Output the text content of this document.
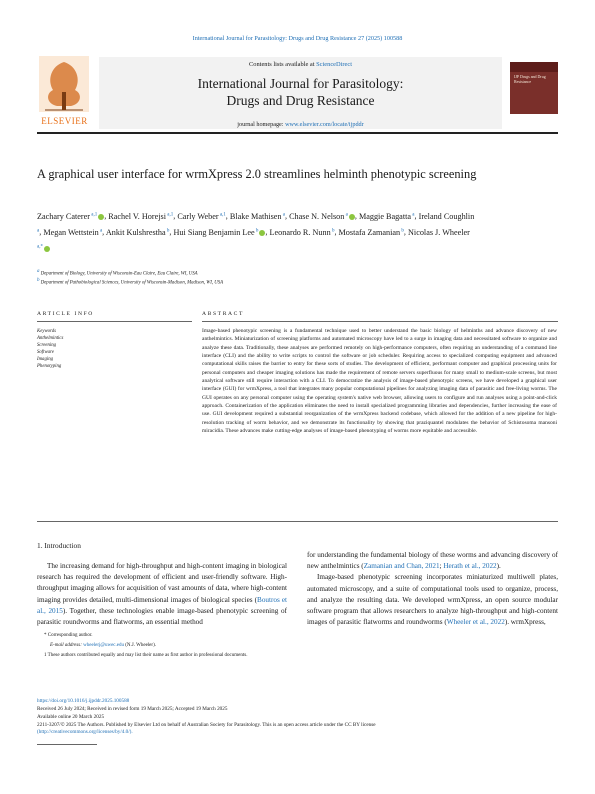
International Journal for Parasitology: Drugs and Drug Resistance 27 (2025) 100588
ELSEVIER
Contents lists available at ScienceDirect
International Journal for Parasitology:
Drugs and Drug Resistance
journal homepage: www.elsevier.com/locate/ijpddr
IJP Drugs and Drug Resistance
A graphical user interface for wrmXpress 2.0 streamlines helminth phenotypic screening
Zachary Caterer $^{a,1}$ , Rachel V. Horejsi $^{a,1}$, Carly Weber $^{a,1}$, Blake Mathisen $^a$, Chase N. Nelson $^a$ , Maggie Bagatta $^a$, Ireland Coughlin $^a$, Megan Wettstein $^a$, Ankit Kulshrestha $^b$, Hui Siang Benjamin Lee $^b$ , Leonardo R. Nunn $^b$, Mostafa Zamanian $^b$, Nicolas J. Wheeler $^{a,*}$
$^a$ Department of Biology, University of Wisconsin-Eau Claire, Eau Claire, WI, USA
$^b$ Department of Pathobiological Sciences, University of Wisconsin-Madison, Madison, WI, USA
ARTICLE INFO	ABSTRACT
Keywords
Anthelmintics
Screening
Software
Imaging
Phenotyping
Image-based phenotypic screening is a fundamental technique used to better understand the basic biology of helminths and advance discovery of new anthelmintics. Miniaturization of screening platforms and automated microscopy have led to a surge in imaging data and necessitated software to organize and analyze these data. Traditionally, these analyses are performed remotely on high-performance computers, often requiring an understanding of a command line interface (CLI) and the ability to write scripts to control the software or job scheduler. Requiring access to specialized computing equipment and advanced computational skills raises the barrier to entry for these sorts of studies. The development of efficient, performant computer and graphical processing units for personal computers and cheaper imaging solutions has made the requirement of remote servers superfluous for many small to medium-scale screens, but most analytical software still require interaction with a CLI. To democratize the analysis of image-based phenotypic screens, we have developed a graphical user interface (GUI) for wrmXpress, a tool that integrates many popular computational pipelines for analyzing imaging data of parasitic and free-living worms. The GUI operates on any personal computer using the operating system's native web browser, allowing users to configure and run analyses using a point-and-click approach. Containerization of the application eliminates the need to install specialized programming libraries and dependencies, further increasing the ease of use. GUI development required a substantial reorganization of the wrmXpress backend codebase, which allowed for the addition of a new pipeline for high-resolution tracking of worm behavior, and we demonstrate its functionality by showing that praziquantel modulates the behavior of Schistosoma mansoni miracidia. These advances make cutting-edge analyses of image-based phenotyping of worms more equitable and accessible.
1. Introduction

The increasing demand for high-throughput and high-content imaging in biological research has required the development of efficient and user-friendly software. High-throughput imaging allows for acquisition of vast amounts of data, where high-content imaging provides detailed, multi-dimensional images of biological species (Boutros et al., 2015). Together, these technologies enable image-based phenotypic screening of parasitic roundworms and flatworms, an essential method

for understanding the fundamental biology of these worms and advancing discovery of new anthelmintics (Zamanian and Chan, 2021; Herath et al., 2022).

Image-based phenotypic screening incorporates miniaturized multiwell plates, automated microscopy, and a suite of computational tools used to organize, process, and analyze the resulting data. We developed wrmXpress, an open source modular software program that allows researchers to analyze high-throughput and high-content images of parasitic flatworms and roundworms (Wheeler et al., 2022). wrmXpress,

* Corresponding author.
E-mail address: wheelerj@uwec.edu (N.J. Wheeler).
1 These authors contributed equally and may list their name as first author in professional documents.
https://doi.org/10.1016/j.ijpddr.2025.100588
Received 26 July 2024; Received in revised form 19 March 2025; Accepted 19 March 2025
Available online 20 March 2025
2211-3207/© 2025 The Authors. Published by Elsevier Ltd on behalf of Australian Society for Parasitology. This is an open access article under the CC BY license
(http://creativecommons.org/licenses/by/4.0/).
